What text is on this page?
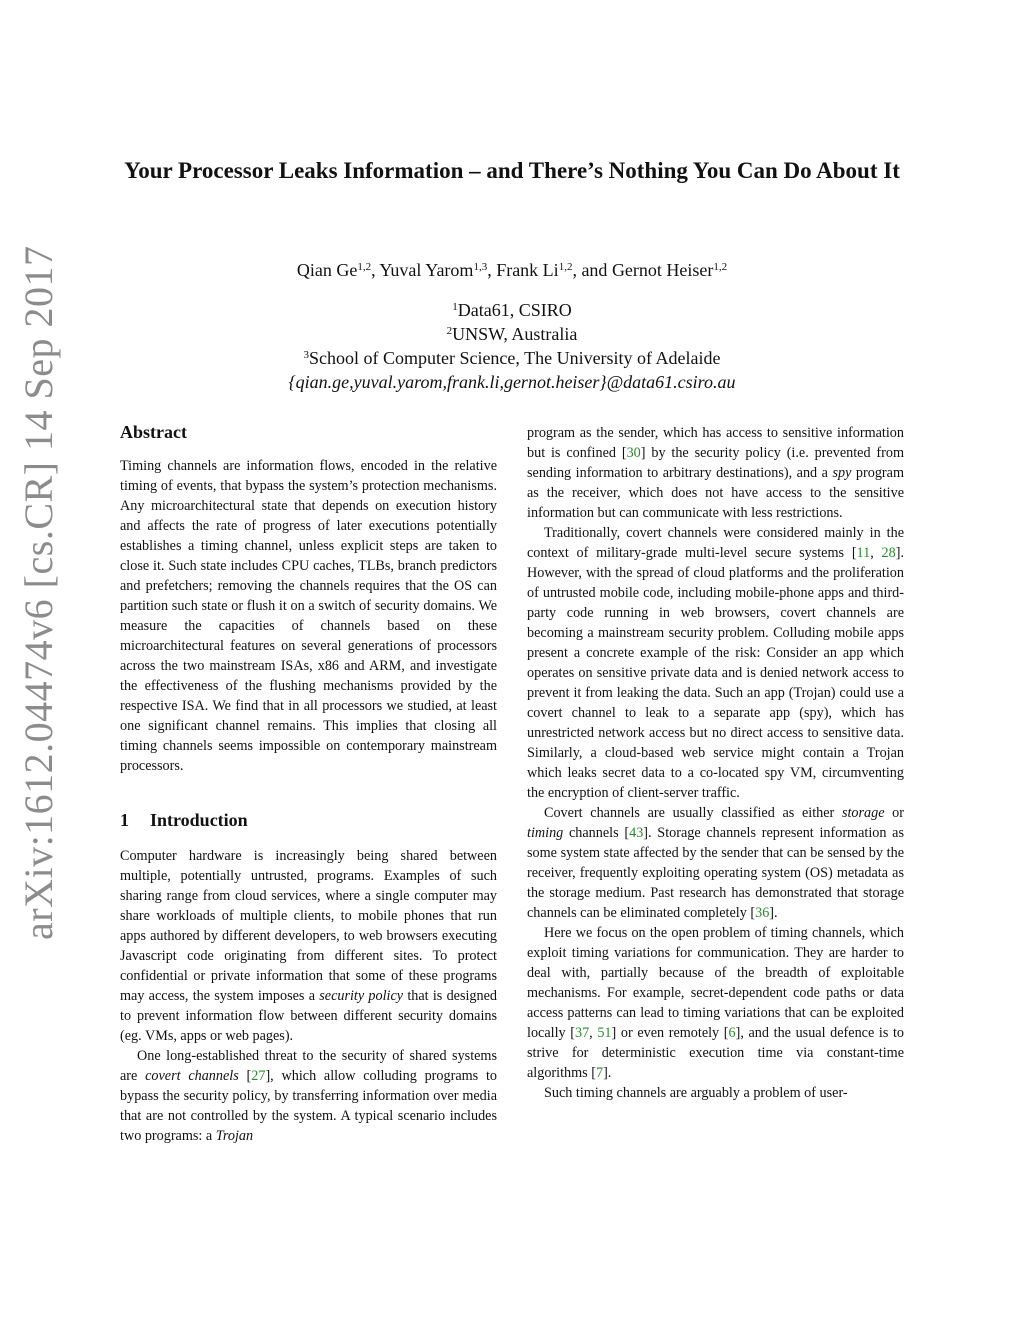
arXiv:1612.04474v6 [cs.CR] 14 Sep 2017
Your Processor Leaks Information – and There’s Nothing You Can Do About It
Qian Ge$^{1,2}$, Yuval Yarom$^{1,3}$, Frank Li$^{1,2}$, and Gernot Heiser$^{1,2}$
$^1$Data61, CSIRO
$^2$UNSW, Australia
$^3$School of Computer Science, The University of Adelaide
{qian.ge,yuval.yarom,frank.li,gernot.heiser}@data61.csiro.au
Abstract

Timing channels are information flows, encoded in the relative timing of events, that bypass the system’s protection mechanisms. Any microarchitectural state that depends on execution history and affects the rate of progress of later executions potentially establishes a timing channel, unless explicit steps are taken to close it. Such state includes CPU caches, TLBs, branch predictors and prefetchers; removing the channels requires that the OS can partition such state or flush it on a switch of security domains. We measure the capacities of channels based on these microarchitectural features on several generations of processors across the two mainstream ISAs, x86 and ARM, and investigate the effectiveness of the flushing mechanisms provided by the respective ISA. We find that in all processors we studied, at least one significant channel remains. This implies that closing all timing channels seems impossible on contemporary mainstream processors.

1 Introduction

Computer hardware is increasingly being shared between multiple, potentially untrusted, programs. Examples of such sharing range from cloud services, where a single computer may share workloads of multiple clients, to mobile phones that run apps authored by different developers, to web browsers executing Javascript code originating from different sites. To protect confidential or private information that some of these programs may access, the system imposes a security policy that is designed to prevent information flow between different security domains (eg. VMs, apps or web pages).

One long-established threat to the security of shared systems are covert channels [27], which allow colluding programs to bypass the security policy, by transferring information over media that are not controlled by the system. A typical scenario includes two programs: a Trojan

program as the sender, which has access to sensitive information but is confined [30] by the security policy (i.e. prevented from sending information to arbitrary destinations), and a spy program as the receiver, which does not have access to the sensitive information but can communicate with less restrictions.

Traditionally, covert channels were considered mainly in the context of military-grade multi-level secure systems [11, 28]. However, with the spread of cloud platforms and the proliferation of untrusted mobile code, including mobile-phone apps and third-party code running in web browsers, covert channels are becoming a mainstream security problem. Colluding mobile apps present a concrete example of the risk: Consider an app which operates on sensitive private data and is denied network access to prevent it from leaking the data. Such an app (Trojan) could use a covert channel to leak to a separate app (spy), which has unrestricted network access but no direct access to sensitive data. Similarly, a cloud-based web service might contain a Trojan which leaks secret data to a co-located spy VM, circumventing the encryption of client-server traffic.

Covert channels are usually classified as either storage or timing channels [43]. Storage channels represent information as some system state affected by the sender that can be sensed by the receiver, frequently exploiting operating system (OS) metadata as the storage medium. Past research has demonstrated that storage channels can be eliminated completely [36].

Here we focus on the open problem of timing channels, which exploit timing variations for communication. They are harder to deal with, partially because of the breadth of exploitable mechanisms. For example, secret-dependent code paths or data access patterns can lead to timing variations that can be exploited locally [37, 51] or even remotely [6], and the usual defence is to strive for deterministic execution time via constant-time algorithms [7].

Such timing channels are arguably a problem of user-
